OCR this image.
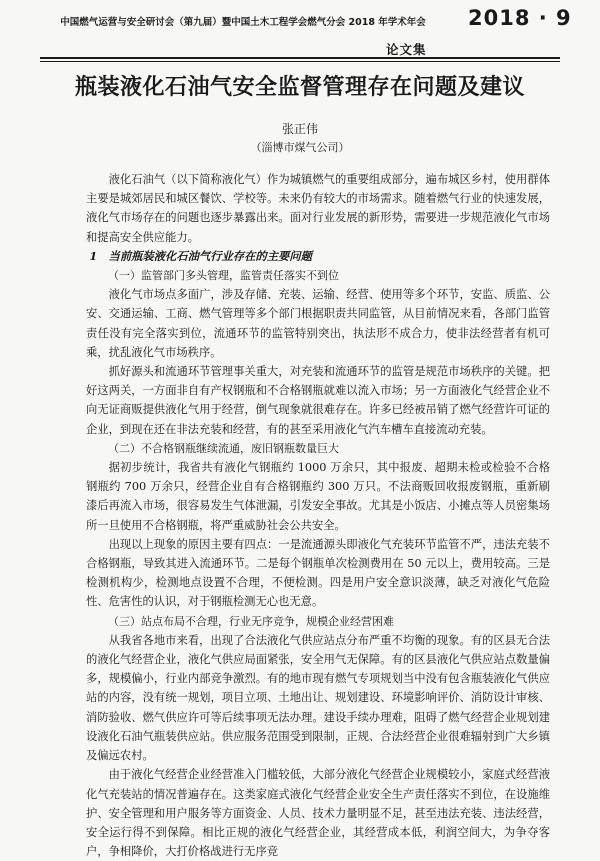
中国燃气运营与安全研讨会（第九届）暨中国土木工程学会燃气分会 2018 年学术年会	2018 · 9
论文集
瓶装液化石油气安全监督管理存在问题及建议
张正伟
（淄博市煤气公司）

液化石油气（以下简称液化气）作为城镇燃气的重要组成部分，遍布城区乡村，使用群体主要是城郊居民和城区餐饮、学校等。未来仍有较大的市场需求。随着燃气行业的快速发展，液化气市场存在的问题也逐步暴露出来。面对行业发展的新形势，需要进一步规范液化气市场和提高安全供应能力。

1　当前瓶装液化石油气行业存在的主要问题

（一）监管部门多头管理，监管责任落实不到位

液化气市场点多面广，涉及存储、充装、运输、经营、使用等多个环节，安监、质监、公安、交通运输、工商、燃气管理等多个部门根据职责共同监管，从目前情况来看，各部门监管责任没有完全落实到位，流通环节的监管特别突出，执法形不成合力，使非法经营者有机可乘，扰乱液化气市场秩序。

抓好源头和流通环节管理事关重大，对充装和流通环节的监管是规范市场秩序的关键。把好这两关，一方面非自有产权钢瓶和不合格钢瓶就难以流入市场；另一方面液化气经营企业不向无证商贩提供液化气用于经营，倒气现象就很难存在。许多已经被吊销了燃气经营许可证的企业，到现在还在非法充装和经营，有的甚至采用液化气汽车槽车直接流动充装。

（二）不合格钢瓶继续流通，废旧钢瓶数量巨大

据初步统计，我省共有液化气钢瓶约 1000 万余只，其中报废、超期未检或检验不合格钢瓶约 700 万余只，经营企业自有合格钢瓶约 300 万只。不法商贩回收报废钢瓶，重新刷漆后再流入市场，很容易发生气体泄漏，引发安全事故。尤其是小饭店、小摊点等人员密集场所一旦使用不合格钢瓶，将严重威胁社会公共安全。

出现以上现象的原因主要有四点：一是流通源头即液化气充装环节监管不严，违法充装不合格钢瓶，导致其进入流通环节。二是每个钢瓶单次检测费用在 50 元以上，费用较高。三是检测机构少，检测地点设置不合理，不便检测。四是用户安全意识淡薄，缺乏对液化气危险性、危害性的认识，对于钢瓶检测无心也无意。

（三）站点布局不合理，行业无序竞争，规模企业经营困难

从我省各地市来看，出现了合法液化气供应站点分布严重不均衡的现象。有的区县无合法的液化气经营企业，液化气供应局面紧张，安全用气无保障。有的区县液化气供应站点数量偏多，规模偏小，行业内部竞争激烈。有的地市现有燃气专项规划当中没有包含瓶装液化气供应站的内容，没有统一规划，项目立项、土地出让、规划建设、环境影响评价、消防设计审核、消防验收、燃气供应许可等后续事项无法办理。建设手续办理难，阻碍了燃气经营企业规划建设液化石油气瓶装供应站。供应服务范围受到限制，正规、合法经营企业很难辐射到广大乡镇及偏远农村。

由于液化气经营企业经营准入门槛较低，大部分液化气经营企业规模较小，家庭式经营液化气充装站的情况普遍存在。这类家庭式液化气经营企业安全生产责任落实不到位，在设施维护、安全管理和用户服务等方面资金、人员、技术力量明显不足，甚至违法充装、违法经营，安全运行得不到保障。相比正规的液化气经营企业，其经营成本低，利润空间大，为争夺客户，争相降价，大打价格战进行无序竞
